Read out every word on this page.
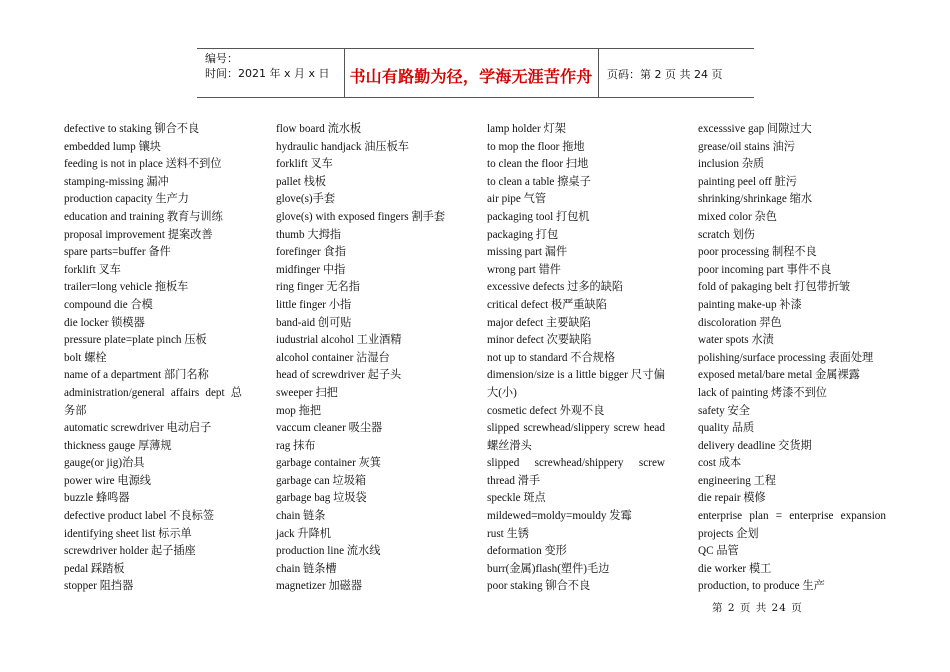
编号：
时间：2021 年 x 月 x 日	书山有路勤为径，学海无涯苦作舟	页码：第 2 页 共 24 页
defective to staking 铆合不良
embedded lump 镶块
feeding is not in place 送料不到位
stamping-missing 漏冲
production capacity 生产力
education and training 教育与训练
proposal improvement 提案改善
spare parts=buffer 备件
forklift 叉车
trailer=long vehicle 拖板车
compound die 合模
die locker 锁模器
pressure plate=plate pinch 压板
bolt 螺栓
name of a department 部门名称
administration/general affairs dept 总务部
automatic screwdriver 电动启子
thickness gauge 厚薄规
gauge(or jig)治具
power wire 电源线
buzzle 蜂鸣器
defective product label 不良标签
identifying sheet list 标示单
screwdriver holder 起子插座
pedal 踩踏板
stopper 阻挡器
flow board 流水板
hydraulic handjack 油压板车
forklift 叉车
pallet 栈板
glove(s)手套
glove(s) with exposed fingers 割手套
thumb 大拇指
forefinger 食指
midfinger 中指
ring finger 无名指
little finger 小指
band-aid 创可贴
iudustrial alcohol 工业酒精
alcohol container 沾湿台
head of screwdriver 起子头
sweeper 扫把
mop 拖把
vaccum cleaner 吸尘器
rag 抹布
garbage container 灰箕
garbage can 垃圾箱
garbage bag 垃圾袋
chain 链条
jack 升降机
production line 流水线
chain 链条槽
magnetizer 加磁器
lamp holder 灯架
to mop the floor 拖地
to clean the floor 扫地
to clean a table 擦桌子
air pipe 气管
packaging tool 打包机
packaging 打包
missing part 漏件
wrong part 错件
excessive defects 过多的缺陷
critical defect 极严重缺陷
major defect 主要缺陷
minor defect 次要缺陷
not up to standard 不合规格
dimension/size is a little bigger 尺寸偏大(小)
cosmetic defect 外观不良
slipped screwhead/slippery screw head 螺丝滑头
slipped screwhead/shippery screw thread 滑手
speckle 斑点
mildewed=moldy=mouldy 发霉
rust 生锈
deformation 变形
burr(金属)flash(塑件)毛边
poor staking 铆合不良
excesssive gap 间隙过大
grease/oil stains 油污
inclusion 杂质
painting peel off 脏污
shrinking/shrinkage 缩水
mixed color 杂色
scratch 划伤
poor processing 制程不良
poor incoming part 事件不良
fold of pakaging belt 打包带折皱
painting make-up 补漆
discoloration 羿色
water spots 水渍
polishing/surface processing 表面处理
exposed metal/bare metal 金属裸露
lack of painting 烤漆不到位
safety 安全
quality 品质
delivery deadline 交货期
cost 成本
engineering 工程
die repair 模修
enterprise plan = enterprise expansion projects 企划
QC 品管
die worker 模工
production, to produce 生产
第 2 页 共 24 页
